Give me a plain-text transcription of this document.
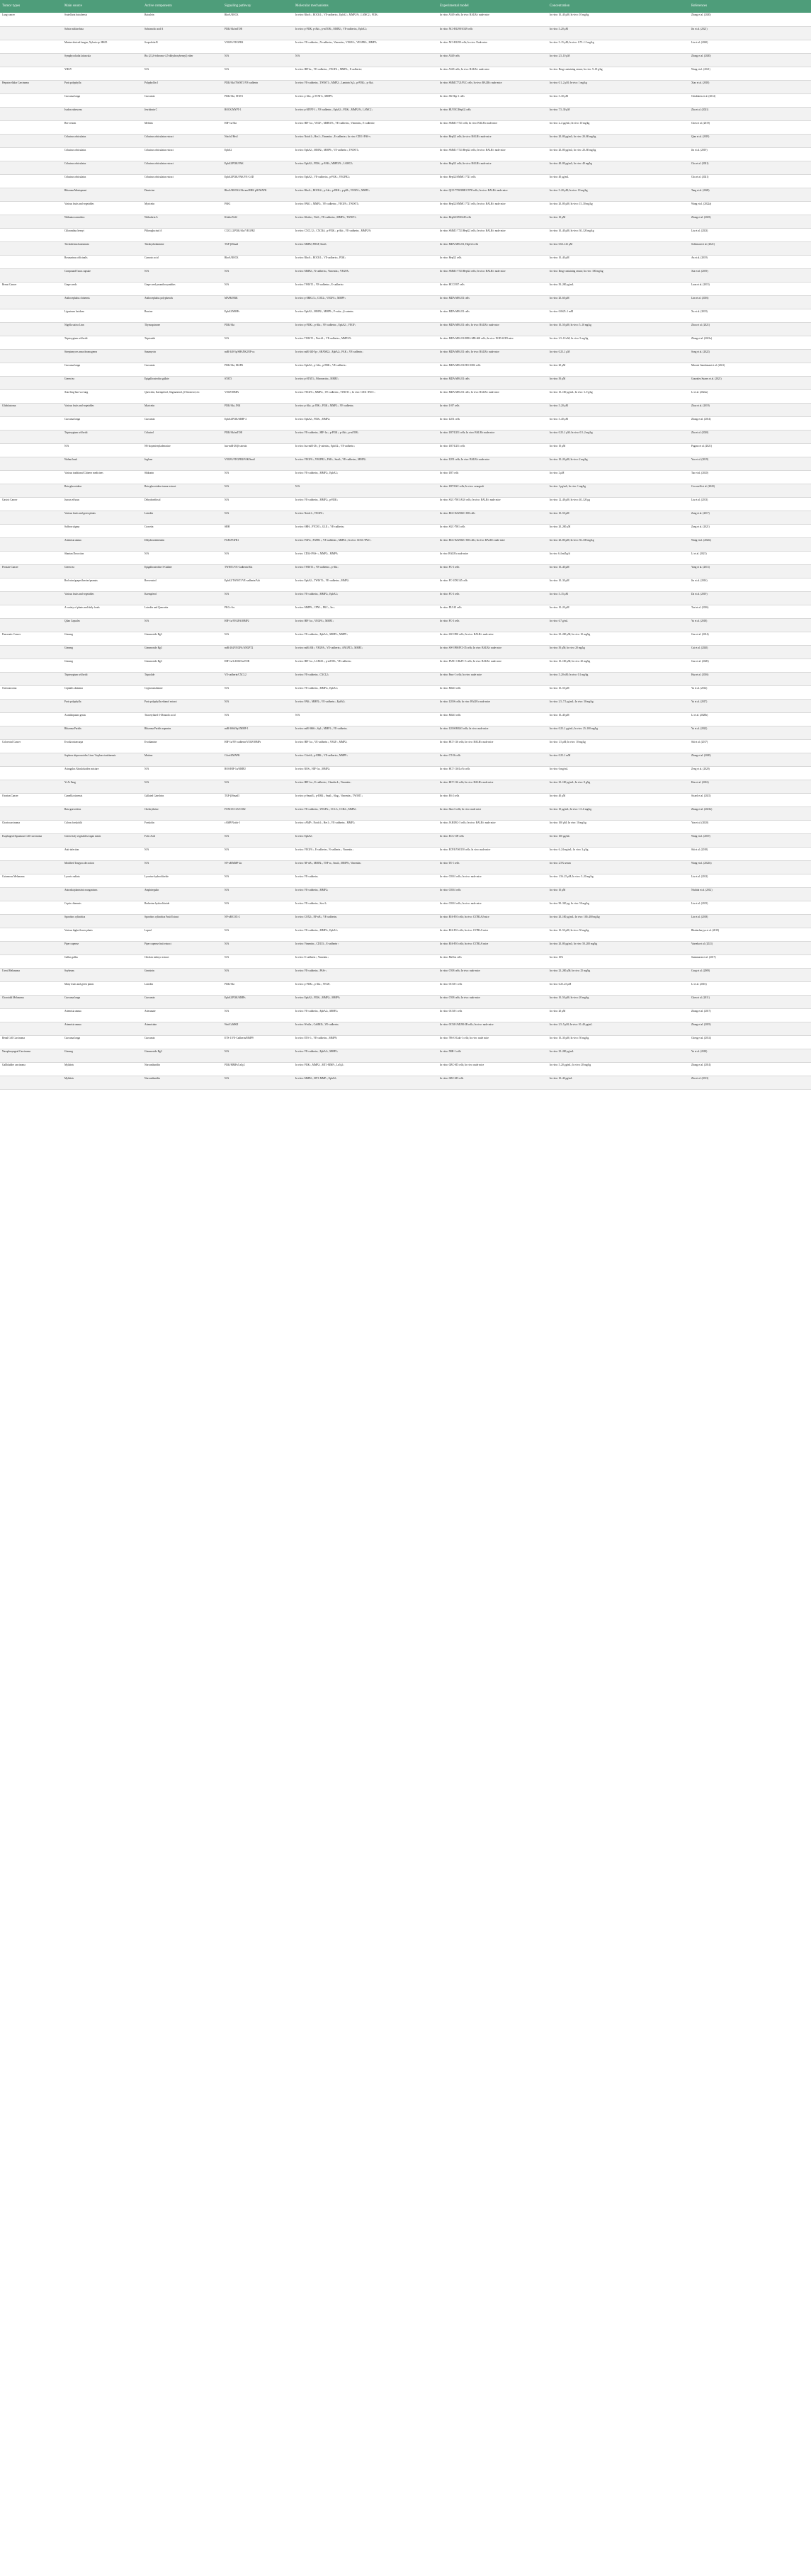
Tumor types	Main source	Active components	Signaling pathway	Molecular mechanisms	Experimental model	Concentration	References
Lung cancer	Scutellaria baicalensis	Baicalein	RhoA/ROCK	In vitro: RhoA↓, ROCK1↓, VE-cadherin↓, EphA2↓, MMP2/9↓, LAMC2↓, PI3K↓	In vitro: A549 cells; In vivo: BALB/c nude mice	In vitro: 10–40 μM; In vivo: 10 mg/kg	Zhang et al. (2020)
	Salvia miltiorrhiza	Salvianolic acid A	PI3K/Akt/mTOR	In vitro: p-PI3K, p-Akt↓, p-mTOR↓, MMP2↓, VE-cadherin↓, EphA2↓	In vitro: NCI-H1299/A549 cells	In vitro: 5–20 μM	Jin et al. (2021)
	Marine-derived fungus, Xylaria sp. HK05	Scopoletin B	VEGFA/VEGFR2	In vitro: VE-cadherin↓, N-cadherin↓, Vimentin↓, VEGFA↓, VEGFR2↓, MMP9↓	In vitro: NCI-H1299 cells; In vivo: Nude mice	In vitro: 5–15 μM; In vivo: 0.75–1.5 mg/kg	Liu et al. (2020)
	Symphyocladia latiuscula	Bis (2,3,6-tribromo-4,5-dihydroxybenzyl) ether	N/A	N/A	In vitro: A549 cells	In vitro: 2.5–10 μM	Zhang et al. (2020)
	YHGY	N/A	N/A	In vitro: HIF1α↓, VE-cadherin↓, VEGFA↓, MMP2↓, E-cadherin↑	In vitro: A549 cells; In vivo: BALB/c nude mice	In vitro: Drug-containing serum; In vivo: 9–18 g/kg	Wang et al. (2021)
Hepatocellular Carcinoma	Paris polyphylla	Polyphyllin I	PI3K/Akt/TWIST1/VE-cadherin	In vitro: VE-cadherin↓, TWIST1↓, MMP2↓, Laminin 5γ2↓, p-PI3K↓, p-Akt↓	In vitro: SMMC7721/PLC cells; In vivo: BALB/c nude mice	In vitro: 0.1–2 μM; In vivo: 1 mg/kg	Xiao et al. (2018)
	Curcuma longa	Curcumin	PI3K/Akt, STAT3	In vitro: p-Akt↓, p-STAT3↓, MMP9↓	In vitro: SK-Hep-1 cells	In vitro: 5–30 μM	Chiablaem et al. (2014)
	Isodon rubescens	Jesridonin C	ROCK/MYPT-1	In vitro: p-MYPT-1↓, VE-cadherin↓, EphA2↓, PI3K↓, MMP2/9↓, LAMC2↓	In vitro: HUVEC/HepG2 cells	In vitro: 7.5–30 μM	Zhu et al. (2021)
	Bee venom	Melittin	HIF-1α/Akt	In vitro: HIF-1α↓, VEGF↓, MMP2/9↓, VE-cadherin↓, Vimentin↓, E-cadherin↑	In vitro: SMMC-7721 cells; In vivo: BALB/c nude mice	In vitro: 2–4 μg/mL; In vivo: 10 mg/kg	Chen et al. (2019)
	Celastrus orbiculatus	Celastrus orbiculatus extract	Notch1/Hes1	In vitro: Notch1↓, Hes1↓, Vimentin↓, E-cadherin↑; In vivo: CD31-/PAS+↓	In vitro: HepG2 cells; In vivo: BALB/c nude mice	In vitro: 20–80 μg/mL; In vivo: 20–80 mg/kg	Qian et al. (2019)
	Celastrus orbiculatus	Celastrus orbiculatus extract	EphA2	In vitro: EphA2↓, MMP2↓, MMP9↓, VE-cadherin↓, TWIST1↓	In vitro: SMMC-7721/HepG2 cells; In vivo: BALB/c nude mice	In vitro: 20–80 μg/mL; In vivo: 20–80 mg/kg	Jin et al. (2019)
	Celastrus orbiculatus	Celastrus orbiculatus extract	EphA2/PI3K/FAK	In vitro: EphA2↓, PI3K↓, p-FAK↓, MMP2/9↓, LAMC2↓	In vitro: HepG2 cells; In vivo: BALB/c nude mice	In vitro: 40–80 μg/mL; In vivo: 40 mg/kg	Chu et al. (2021)
	Celastrus orbiculatus	Celastrus orbiculatus extract	EphA2/PI3K/FAK/VE-CAD	In vitro: EphA2↓, VE-cadherin↓, p-FAK↓, VEGFR2↓	In vitro: HepG2/SMMC-7721 cells	In vitro: 40 μg/mL	Chu et al. (2021)
	Rhizoma Menispermi	Dauricine	RhoA/ROCK2/Akt and ERK p38 MAPK	In vitro: RhoA↓, ROCK2↓, p-Akt↓, p-ERK↓, p-p38↓, VEGFA↓, MMP2↓	In vitro: QGY-7703/MHCC97H cells; In vivo: BALB/c nude mice	In vitro: 5–20 μM; In vivo: 10 mg/kg	Tang et al. (2020)
	Various fruits and vegetables	Myricetin	PAK1	In vitro: PAK1↓, MMP2↓, VE-cadherin↓, VEGFA↓, TWIST1↓	In vitro: HepG2/SMMC-7721 cells; In vivo: BALB/c nude mice	In vitro: 20–80 μM; In vivo: 15–30 mg/kg	Wang et al. (2022a)
	Withania somnifera	Withaferin A	Klotho/Nrf2	In vitro: Klotho↑, Nrf2↓, VE-cadherin↓, MMP2↓, TWIST1↓	In vitro: HepG2/SNU449 cells	In vitro: 10 μM	Zhang et al. (2023)
	Chloranthus henryi	Phloroglucinol A	CXCL12/PI3K/Akt/VEGFR2	In vitro: CXCL12↓, CXCR4↓, p-PI3K↓, p-Akt↓, VE-cadherin↓, MMP2/9↓	In vitro: SMMC-7721/HepG2 cells; In vivo: BALB/c nude mice	In vitro: 10–40 μM; In vivo: 30–120 mg/kg	Liu et al. (2023)
	Trichoderma harzianum	Tetrahydroharmine	TGF-β/Smad	In vitro: MMP2, PDGF, Snail↓	In vitro: MDA-MB-231, HepG2 cells	In vitro: 0.63–141 μM	Soleimani et al. (2021)
	Rosmarinus officinalis	Carnosic acid	RhoA/ROCK	In vitro: RhoA↓, ROCK1↓, VE-cadherin↓, PI3K↓	In vitro: HepG2 cells	In vitro: 10–40 μM	An et al. (2019)
	Compound Taxus capsule	N/A	N/A	In vitro: MMP2↓, N-cadherin↓, Vimentin↓, VEGFA↓	In vitro: SMMC-7721/HepG2 cells; In vivo: BALB/c nude mice	In vitro: Drug-containing serum; In vivo: 100 mg/kg	Xia et al. (2019)
Breast Cancer	Grape seeds	Grape seed proanthocyanidins	N/A	In vitro: TWIST1↓, VE-cadherin↓, E-cadherin↑	In vitro: HCC1937 cells	In vitro: 50–200 μg/mL	Luan et al. (2015)
	Anthocephalus chinensis	Anthocephalus polyphenols	MAPK/ERK	In vitro: p-ERK1/2↓, COX2↓, VEGFA↓, MMP9↓	In vitro: MDA-MB-231 cells	In vitro: 20–60 μM	Lim et al. (2016)
	Ligustrum lucidum	Brucine	EphA2/MMPs	In vitro: EphA2↓, MMP2↓, MMP9↓, P-ecdα↓, β-catenin↓	In vitro: MDA-MB-231 cells	In vitro: 0.0625–1 mM	Xu et al. (2019)
	Nigella sativa Linn	Thymoquinone	PI3K/Akt	In vitro: p-PI3K↓, p-Akt↓, VE-cadherin↓, EphA2↓, VEGF↓	In vitro: MDA-MB-231 cells; In vivo: BALB/c nude mice	In vitro: 10–50 μM; In vivo: 5–10 mg/kg	Zhou et al. (2021)
	Tripterygium wilfordii	Triptonide	N/A	In vitro: TWIST1↓, Notch1↓, VE-cadherin↓, MMP2/9↓	In vitro: MDA-MB-231/MDA-MB-468 cells; In vivo: NOD-SCID mice	In vitro: 2.5–10 nM; In vivo: 5 mg/kg	Zhang et al. (2021a)
	Streptomyces ansochromogenes	Sanamycin	miR-340-5p/SHANK2/EP-ca	In vitro: miR-340-5p↑, SHANK2↓, EphA2↓, FAK↓, VE-cadherin↓	In vitro: MDA-MB-231 cells; In vivo: BALB/c nude mice	In vitro: 0.25–1 μM	Song et al. (2022)
	Curcuma longa	Curcumin	PI3K/Akt, MAPK	In vitro: EphA2↓, p-Akt↓, p-ERK↓, VE-cadherin↓	In vitro: MDA-MB-231/HCC1806 cells	In vitro: 20 μM	Mirzaie Gandomani et al. (2021)
	Green tea	Epigallocatechin gallate	STAT3	In vitro: p-STAT3↓, Fibronectin↓, MMP2↓	In vitro: MDA-MB-231 cells	In vitro: 50 μM	Gonzalez Suarez et al. (2021)
	Xiao-ling-bao-wo-tang	Quercetin, Kaempferol, Stigmasterol, β-Sitosterol, etc	VEGF/MMPs	In vitro: VEGFA↓, MMP2↓, VE-cadherin↓, TWIST1↓; In vivo: CD31-/PAS+↓	In vitro: MDA-MB-231 cells; In vivo: BALB/c nude mice	In vitro: 10–100 μg/mL; In vivo: 3–9 g/kg	Li et al. (2022a)
Glioblastoma	Various fruits and vegetables	Myricetin	PI3K/Akt, JNK	In vitro: p-Akt↓, p-JNK↓, PI3K↓, MMP2↓, VE-cadherin↓	In vitro: U-87 cells	In vitro: 5–20 μM	Zhao et al. (2019)
	Curcuma longa	Curcumin	EphA2/PI3K/MMP-2	In vitro: EphA2↓, PI3K↓, MMP2↓	In vitro: U251 cells	In vitro: 5–40 μM	Zhang et al. (2014)
	Tripterygium wilfordii	Celastrol	PI3K/Akt/mTOR	In vitro: VE-cadherin↓, HIF-1α↓, p-PI3K↓, p-Akt↓, p-mTOR↓	In vitro: U87/U251 cells; In vivo: BALB/c nude mice	In vitro: 0.25–1 μM; In vivo: 0.5–2 mg/kg	Zhu et al. (2020)
	N/A	N6-Isopentenyladenosine	hsa-miR-26/β-catenin	In vitro: hsa-miR-26↑, β-catenin↓, EphA2↓, VE-cadherin↓	In vitro: U87/U251 cells	In vitro: 10 μM	Pagano et al. (2021)
	Walnut husk	Juglone	VEGFA/VEGFR2/FAK/Snail	In vitro: VEGFA↓, VEGFR2↓, FAK↓, Snail↓, VE-cadherin↓, MMP2↓	In vitro: U251 cells; In vivo: BALB/c nude mice	In vitro: 10–20 μM; In vivo: 2 mg/kg	Yao et al. (2019)
	Various traditional Chinese medicines	Shikonin	N/A	In vitro: VE-cadherin↓, MMP2↓, EphA2↓	In vitro: U87 cells	In vitro: 2 μM	Tao et al. (2020)
	Beta glucosidase	Beta glucosidase tumor extract	N/A	N/A	In vitro: U87/GSC cells; In vivo: xenograft	In vitro: 1 μg/mL; In vivo: 1 mg/kg	Ceccarelli et al. (2020)
Gastric Cancer	Juncus effusus	Dehydroeffusol	N/A	In vitro: VE-cadherin↓, MMP2↓, p-ERK↓	In vitro: SGC-7901/AGS cells; In vivo: BALB/c nude mice	In vitro: 12–48 μM; In vivo: 40–120 μg	Liu et al. (2013)
	Various fruits and green plants	Luteolin	N/A	In vitro: Notch1↓, VEGFA↓	In vitro: BGC-823/MGC-803 cells	In vitro: 10–50 μM	Zang et al. (2017)
	Saffron stigma	Crocetin	SHH	In vitro: SHH↓, PTCH1↓, GLI1↓, VE-cadherin↓	In vitro: SGC-7901 cells	In vitro: 20–200 μM	Zang et al. (2021)
	Artemisia annua	Dihydroartemisinin	FGF2/FGFR1	In vitro: FGF2↓, FGFR1↓, VE-cadherin↓, MMP2↓; In vivo: CD31-/PAS+↓	In vitro: BGC-823/MGC-803 cells; In vivo: BALB/c nude mice	In vitro: 20–80 μM; In vivo: 50–100 mg/kg	Wang et al. (2020c)
	Shantan Decoction	N/A	N/A	In vivo: CD34-/PAS+↓, MMP2↓, MMP9↓	In vivo: BALB/c nude mice	In vivo: 6.4 ml/kg/d	Li et al. (2021)
Prostate Cancer	Green tea	Epigallocatechin-3-Gallate	TWIST1/VE-Cadherin/Akt	In vitro: TWIST1↓, VE-cadherin↓, p-Akt↓	In vitro: PC-3 cells	In vitro: 10–40 μM	Yang et al. (2013)
	Red wine/grapes/berries/peanuts	Resveratrol	EphA2/TWIST1/VE-cadherin/Akt	In vitro: EphA2↓, TWIST1↓, VE-cadherin↓, MMP2↓	In vitro: PC-3/DU145 cells	In vitro: 10–30 μM	Jin et al. (2016)
	Various fruits and vegetables	Kaempferol	N/A	In vitro: VE-cadherin↓, MMP2↓, EphA2↓	In vitro: PC-3 cells	In vitro: 5–15 μM	Da et al. (2019)
	A variety of plants and daily foods	Luteolin and Quercetin	PKCs-Src	In vitro: MMP9↓, CPN1↓, PKC↓, Src↓	In vitro: DU145 cells	In vitro: 10–20 μM	Tsai et al. (2016)
	Qilan Capsules	N/A	HIF-1α/VEGFA/MMP2	In vitro: HIF-1α↓, VEGFA↓, MMP2↓	In vitro: PC-3 cells	In vitro: 6.7 g/mL	Yu et al. (2018)
Pancreatic Cancer	Ginseng	Ginsenoside Rg3	N/A	In vitro: VE-cadherin↓, EphA2↓, MMP2↓, MMP9↓	In vitro: SW-1990 cells; In vivo: BALB/c nude mice	In vitro: 25–200 μM; In vivo: 10 mg/kg	Guo et al. (2014)
	Ginseng	Ginsenoside Rg3	miR-204/VEGFA/ANGPT2	In vitro: miR-204↑, VEGFA↓, VE-cadherin↓, ANGPT2↓, MMP2↓	In vitro: SW-1990/PCI-35 cells; In vivo: BALB/c nude mice	In vitro: 50 μM; In vivo: 20 mg/kg	Cai et al. (2020)
	Ginseng	Ginsenoside Rg3	HIF-1α/LAMA5/mTOR	In vitro: HIF-1α↓, LAMA5↓, p-mTOR↓, VE-cadherin↓	In vitro: PANC-1/BxPC-3 cells; In vivo: BALB/c nude mice	In vitro: 10–100 μM; In vivo: 20 mg/kg	Guo et al. (2020)
	Tripterygium wilfordii	Triptolide	VE-cadherin/CXCL2	In vitro: VE-cadherin↓, CXCL2↓	In vitro: Panc-1 cells; In vivo: nude mice	In vitro: 5–20 nM; In vivo: 0.1 mg/kg	Hua et al. (2016)
Osteosarcoma	Cephalis skimmia	Cryptotanshinone	N/A	In vitro: VE-cadherin↓, MMP2↓, EphA2↓	In vitro: MG63 cells	In vitro: 10–50 μM	Yu et al. (2014)
	Paris polyphylla	Paris polyphylla ethanol extract	N/A	In vitro: FAK↓, MMP2↓, VE-cadherin↓, EphA2↓	In vitro: U2OS cells; In vivo: BALB/c nude mice	In vitro: 2.5–7.5 μg/mL; In vivo: 30 mg/kg	Yu et al. (2017)
	Acanthopanax genus	Triacetylated 3-Oleanolic acid	N/A	N/A	In vitro: MG63 cells	In vitro: 10–40 μM	Li et al. (2020b)
	Rhizoma Paridis	Rhizoma Paridis saponins	miR-3666/Sp1/MMP-1	In vitro: miR-3666↑, Sp1↓, MMP1↓, VE-cadherin↓	In vitro: U2OS/MG63 cells; In vivo: nude mice	In vitro: 0.25–1 μg/mL; In vivo: 25–100 mg/kg	Yu et al. (2022)
Colorectal Cancer	Evodia rutaecarpa	Evodiamine	HIF-1α/VE-cadherin/VEGF/MMPs	In vitro: HIF-1α↓, VE-cadherin↓, VEGF↓, MMP2↓	In vitro: HCT-116 cells; In vivo: BALB/c nude mice	In vitro: 1.5 μM; In vivo: 10 mg/kg	Shi et al. (2017)
	Sophora alopecuroides Linn / Sophora tonkinensis	Matrine	C4orf4/MAPK	In vitro: C4orf4↓, p-ERK↓, VE-cadherin↓, MMP9↓	In vitro: CT-26 cells	In vitro: 0.25–1 mM	Zhang et al. (2020)
	Astragalus Aboulokoides mixture	N/A	ROS/HIF-1α/MMP2	In vitro: ROS↓, HIF-1α↓, MMP2↓	In vitro: HCT-116/LoVo cells	In vitro: 6 mg/mL	Zeng et al. (2020)
	Yi Ai Fang	N/A	N/A	In vitro: HIF-1α↓, E-cadherin↑, Claudin 4↓, Vimentin↓	In vitro: HCT-116 cells; In vivo: BALB/c nude mice	In vitro: 25–100 μg/mL; In vivo: 8 g/kg	Hou et al. (2016)
Ovarian Cancer	Camellia sinensis	Gallated Catechins	TGF-β/Smad3	In vitro: p-Smad3↓, p-ERK↓, Snail↓, Slug↓, Vimentin↓, TWIST1↓	In vitro: ES-2 cells	In vitro: 40 μM	Sicard et al. (2021)
	Ruta graveolens	Chelerythrine	FOXO/CCL5/CCR2	In vitro: VE-cadherin↓, VEGFA↓, CCL5↓, CCR2↓, MMP2↓	In vitro: Skov3 cells; In vivo: nude mice	In vitro: 10 μg/mL; In vivo: 1.5–6 mg/kg	Zhang et al. (2021b)
Choriocarcinoma	Coleus forskohlii	Forskolin	cAMP/Notch-1	In vitro: cAMP↑, Notch1↓, Hes1↓, VE-cadherin↓, MMP2↓	In vitro: JAR/JEG-3 cells; In vivo: BALB/c nude mice	In vitro: 100 μM; In vivo: 10 mg/kg	Yan et al. (2020)
Esophageal Squamous Cell Carcinoma	Green leafy vegetables/organ meats	Folic Acid	N/A	In vitro: EphA2↓	In vitro: ECA-109 cells	In vitro: 100 μg/mL	Wang et al. (2019)
	Anti-infection	N/A	N/A	In vitro: VEGFA↓, E-cadherin↑, N-cadherin↓, Vimentin↓	In vitro: ECP/KYSE150 cells; In vivo: nude mice	In vitro: 6–24 mg/mL; In vivo: 3 g/kg	Shi et al. (2018)
	Modified Tongyou decoction	N/A	NF-κB/MMP-2α	In vitro: NF-κB↓, MMP2↓, TNF-α↓, Snail↓, MMP9↓, Vimentin↓	In vitro: TE-1 cells	In vitro: 2.5% serum	Wang et al. (2021b)
Cutaneous Melanoma	Lycoris radiata	Lycorine hydrochloride	N/A	In vitro: VE-cadherin↓	In vitro: C8161 cells; In vivo: nude mice	In vitro: 1.56–25 μM; In vivo: 5–20 mg/kg	Liu et al. (2012)
	Antrodia/plants/microorganisms	Amphiregulin	N/A	In vitro: VE-cadherin↓, MMP2↓	In vitro: C8161 cells	In vitro: 10 μM	Nishida et al. (2012)
	Coptis chinensis	Berberine hydrochloride	N/A	In vitro: VE-cadherin↓, Sox-2↓	In vitro: C8161 cells; In vivo: nude mice	In vitro: 90–320 μg; In vivo: 50 mg/kg	Liu et al. (2015)
	Sporobox cylindrica	Sporobox cylindrica Fruit Extract	NF-κB/COX-2	In vitro: COX2↓, NF-κB↓, VE-cadherin↓	In vitro: B16-F10 cells; In vivo: C57BL/6J mice	In vitro: 20–100 μg/mL; In vivo: 100–400 mg/kg	Lin et al. (2018)
	Various higher/lower plants	Lupeol	N/A	In vitro: VE-cadherin↓, MMP2↓, EphA2↓	In vitro: B16-F10 cells; In vivo: C57BL/6 mice	In vitro: 10–50 μM; In vivo: 50 mg/kg	Bhattacharyya et al. (2019)
	Piper cupense	Piper cupense fruit extract	N/A	In vitro: Vimentin↓, CD133↓, E-cadherin↑	In vitro: B16-F10 cells; In vivo: C57BL/6 mice	In vitro: 20–80 μg/mL; In vivo: 50–200 mg/kg	Vaseeka et al. (2021)
	Gallus gallus	Chicken embryo extract	N/A	In vitro: E-cadherin↑, Vimentin↓	In vitro: Mel Im cells	In vitro: 10%	Santamaria et al. (2017)
Uveal Melanoma	Soybeans	Genistein	N/A	In vitro: VE-cadherin↓, PAS+↓	In vitro: C918 cells; In vivo: nude mice	In vitro: 25–200 μM; In vivo: 25 mg/kg	Cong et al. (2009)
	Many fruits and green plants	Luteolin	PI3K/Akt	In vitro: p-PI3K↓, p-Akt↓, VEGF↓	In vitro: OCM-1 cells	In vitro: 6.25–25 μM	Li et al. (2016)
Choroidal Melanoma	Curcuma longa	Curcumin	EphA2/PI3K/MMPs	In vitro: EphA2↓, PI3K↓, MMP2↓, MMP9↓	In vitro: C918 cells; In vivo: nude mice	In vitro: 10–50 μM; In vivo: 20 mg/kg	Chen et al. (2011)
	Artemisia annua	Artesunate	N/A	In vitro: VE-cadherin↓, EphA2↓, MMP2↓	In vitro: OCM-1 cells	In vitro: 20 μM	Zhang et al. (2017)
	Artemisia annua	Artemisinin	Wnt/CaMKII	In vitro: Wnt5a↓, CaMKII↓, VE-cadherin↓	In vitro: OCM-1/MUM-2B cells; In vivo: nude mice	In vitro: 2.5–5 μM; In vivo: 10–40 μg/mL	Zhang et al. (2019)
Renal Cell Carcinoma	Curcuma longa	Curcumin	ETS-1/VE-Cadherin/MMP9	In vitro: ETS-1↓, VE-cadherin↓, MMP9↓	In vitro: 786-O/Caki-1 cells; In vivo: nude mice	In vitro: 10–30 μM; In vivo: 50 mg/kg	Cheng et al. (2014)
Nasopharyngeal Carcinoma	Ginseng	Ginsenoside Rg3	N/A	In vitro: VE-cadherin↓, EphA2↓, MMP2↓	In vitro: 5BH-1 cells	In vitro: 25–200 μg/mL	Yu et al. (2018)
Gallbladder carcinoma	Mylabris	Norcantharidin	PI3K/MMPs/Ln5γ2	In vitro: PI3K↓, MMP2↓, MT1-MMP↓, Ln5γ2↓	In vitro: GBC-SD cells; In vivo: nude mice	In vitro: 5–20 μg/mL; In vivo: 28 mg/kg	Zhang et al. (2014)
	Mylabris	Norcantharidin	N/A	In vitro: MMP2↓, MT1-MMP↓, EphA2↓	In vitro: GBC-SD cells	In vitro: 10–40 μg/mL	Zhu et al. (2013)
